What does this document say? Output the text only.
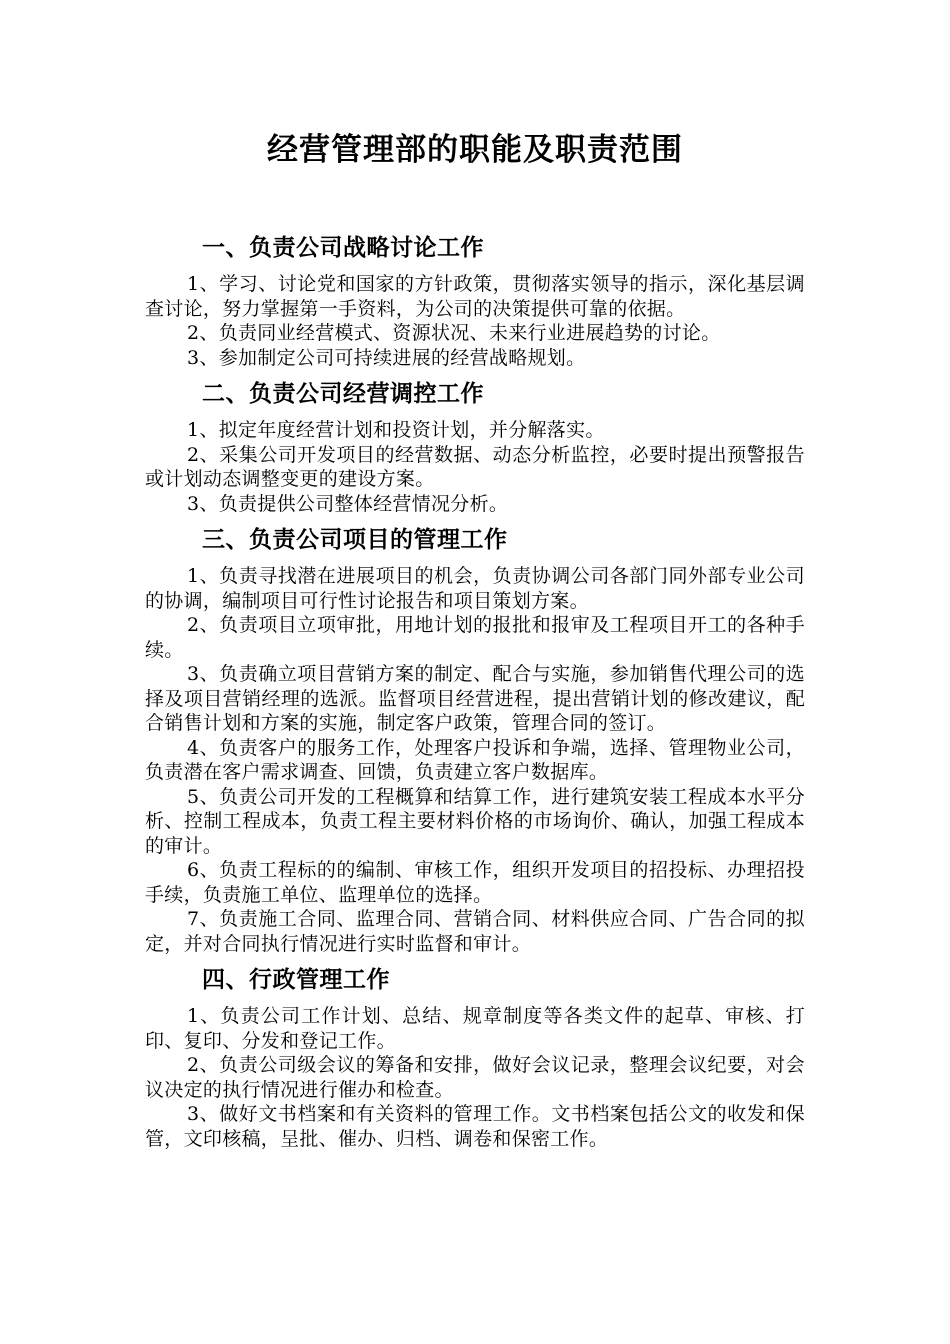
经营管理部的职能及职责范围
一、负责公司战略讨论工作

1、学习、讨论党和国家的方针政策，贯彻落实领导的指示，深化基层调查讨论，努力掌握第一手资料，为公司的决策提供可靠的依据。

2、负责同业经营模式、资源状况、未来行业进展趋势的讨论。

3、参加制定公司可持续进展的经营战略规划。

二、负责公司经营调控工作

1、拟定年度经营计划和投资计划，并分解落实。

2、采集公司开发项目的经营数据、动态分析监控，必要时提出预警报告或计划动态调整变更的建设方案。

3、负责提供公司整体经营情况分析。

三、负责公司项目的管理工作

1、负责寻找潜在进展项目的机会，负责协调公司各部门同外部专业公司的协调，编制项目可行性讨论报告和项目策划方案。

2、负责项目立项审批，用地计划的报批和报审及工程项目开工的各种手续。

3、负责确立项目营销方案的制定、配合与实施，参加销售代理公司的选择及项目营销经理的选派。监督项目经营进程，提出营销计划的修改建议，配合销售计划和方案的实施，制定客户政策，管理合同的签订。

4、负责客户的服务工作，处理客户投诉和争端，选择、管理物业公司，负责潜在客户需求调查、回馈，负责建立客户数据库。

5、负责公司开发的工程概算和结算工作，进行建筑安装工程成本水平分析、控制工程成本，负责工程主要材料价格的市场询价、确认，加强工程成本的审计。

6、负责工程标的的编制、审核工作，组织开发项目的招投标、办理招投手续，负责施工单位、监理单位的选择。

7、负责施工合同、监理合同、营销合同、材料供应合同、广告合同的拟定，并对合同执行情况进行实时监督和审计。

四、行政管理工作

1、负责公司工作计划、总结、规章制度等各类文件的起草、审核、打印、复印、分发和登记工作。

2、负责公司级会议的筹备和安排，做好会议记录，整理会议纪要，对会议决定的执行情况进行催办和检查。

3、做好文书档案和有关资料的管理工作。文书档案包括公文的收发和保管，文印核稿，呈批、催办、归档、调卷和保密工作。
